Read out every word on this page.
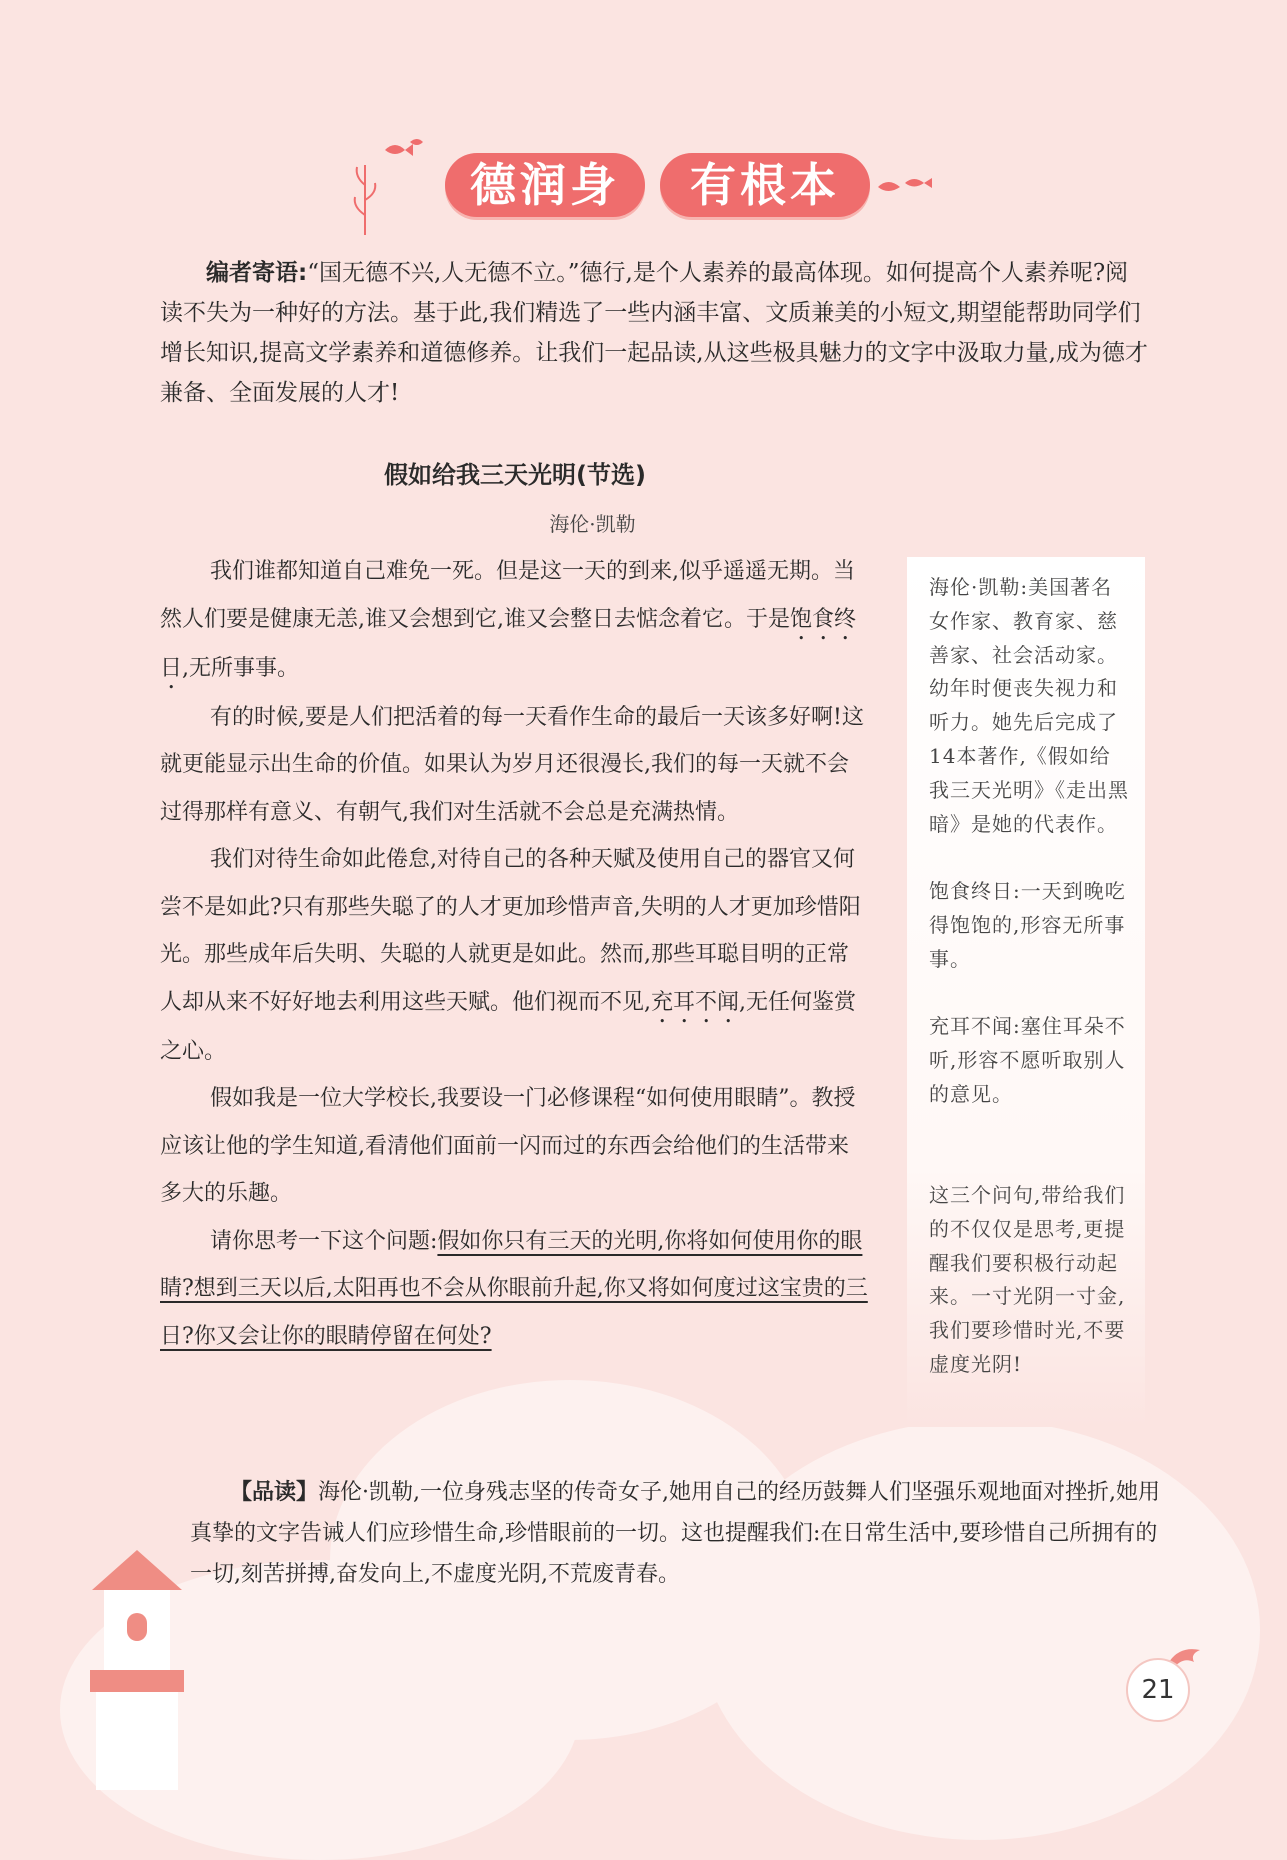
德润身	有根本
编者寄语:“国无德不兴,人无德不立。”德行,是个人素养的最高体现。如何提高个人素养呢?阅读不失为一种好的方法。基于此,我们精选了一些内涵丰富、文质兼美的小短文,期望能帮助同学们增长知识,提高文学素养和道德修养。让我们一起品读,从这些极具魅力的文字中汲取力量,成为德才兼备、全面发展的人才!
假如给我三天光明(节选)
海伦·凯勒

我们谁都知道自己难免一死。但是这一天的到来,似乎遥遥无期。当然人们要是健康无恙,谁又会想到它,谁又会整日去惦念着它。于是饱食终日,无所事事。

有的时候,要是人们把活着的每一天看作生命的最后一天该多好啊!这就更能显示出生命的价值。如果认为岁月还很漫长,我们的每一天就不会过得那样有意义、有朝气,我们对生活就不会总是充满热情。

我们对待生命如此倦怠,对待自己的各种天赋及使用自己的器官又何尝不是如此?只有那些失聪了的人才更加珍惜声音,失明的人才更加珍惜阳光。那些成年后失明、失聪的人就更是如此。然而,那些耳聪目明的正常人却从来不好好地去利用这些天赋。他们视而不见,充耳不闻,无任何鉴赏之心。

假如我是一位大学校长,我要设一门必修课程“如何使用眼睛”。教授应该让他的学生知道,看清他们面前一闪而过的东西会给他们的生活带来多大的乐趣。

请你思考一下这个问题:假如你只有三天的光明,你将如何使用你的眼睛?想到三天以后,太阳再也不会从你眼前升起,你又将如何度过这宝贵的三日?你又会让你的眼睛停留在何处?

海伦·凯勒:美国著名女作家、教育家、慈善家、社会活动家。幼年时便丧失视力和听力。她先后完成了14本著作,《假如给我三天光明》《走出黑暗》是她的代表作。
饱食终日:一天到晚吃得饱饱的,形容无所事事。
充耳不闻:塞住耳朵不听,形容不愿听取别人的意见。
这三个问句,带给我们的不仅仅是思考,更提醒我们要积极行动起来。一寸光阴一寸金,我们要珍惜时光,不要虚度光阴!

【品读】海伦·凯勒,一位身残志坚的传奇女子,她用自己的经历鼓舞人们坚强乐观地面对挫折,她用真挚的文字告诫人们应珍惜生命,珍惜眼前的一切。这也提醒我们:在日常生活中,要珍惜自己所拥有的一切,刻苦拼搏,奋发向上,不虚度光阴,不荒废青春。

21
